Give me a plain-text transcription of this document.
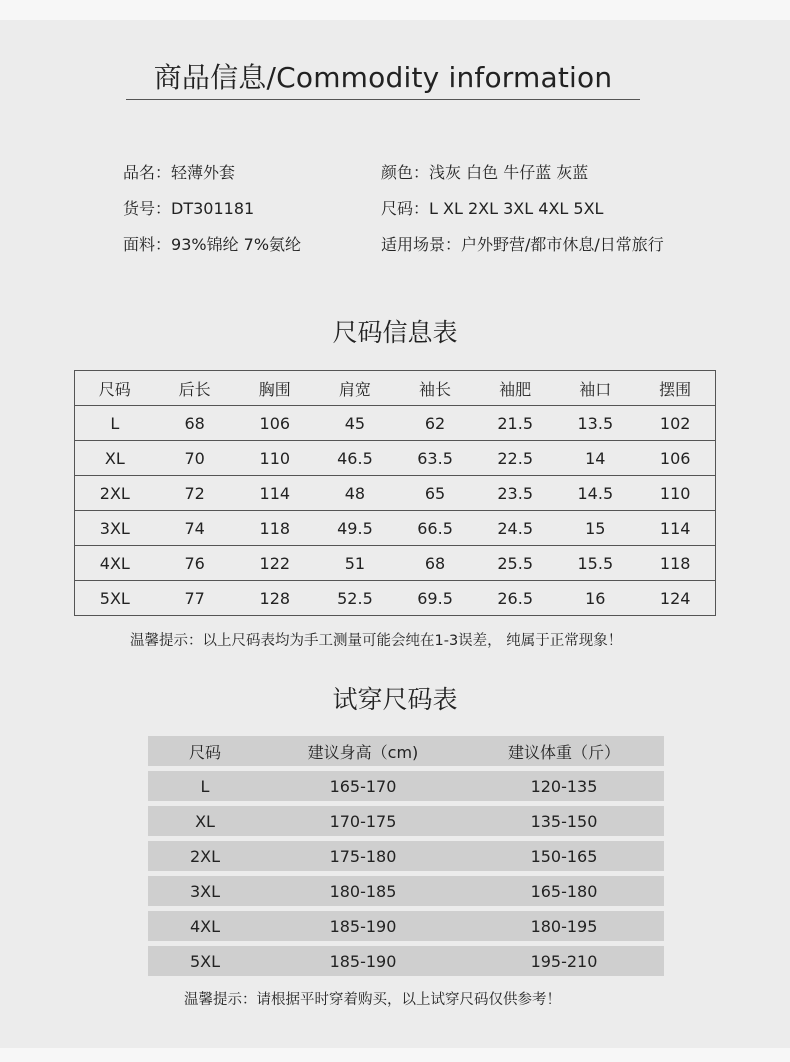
商品信息/Commodity information
品名：轻薄外套
货号：DT301181
面料：93%锦纶 7%氨纶
颜色：浅灰 白色 牛仔蓝 灰蓝
尺码：L XL 2XL 3XL 4XL 5XL
适用场景：户外野营/都市休息/日常旅行
尺码信息表
尺码	后长	胸围	肩宽	袖长	袖肥	袖口	摆围
L	68	106	45	62	21.5	13.5	102
XL	70	110	46.5	63.5	22.5	14	106
2XL	72	114	48	65	23.5	14.5	110
3XL	74	118	49.5	66.5	24.5	15	114
4XL	76	122	51	68	25.5	15.5	118
5XL	77	128	52.5	69.5	26.5	16	124
温馨提示：以上尺码表均为手工测量可能会纯在1-3误差， 纯属于正常现象！
试穿尺码表
尺码	建议身高（cm)	建议体重（斤）
L	165-170	120-135
XL	170-175	135-150
2XL	175-180	150-165
3XL	180-185	165-180
4XL	185-190	180-195
5XL	185-190	195-210
温馨提示：请根据平时穿着购买，以上试穿尺码仅供参考！
